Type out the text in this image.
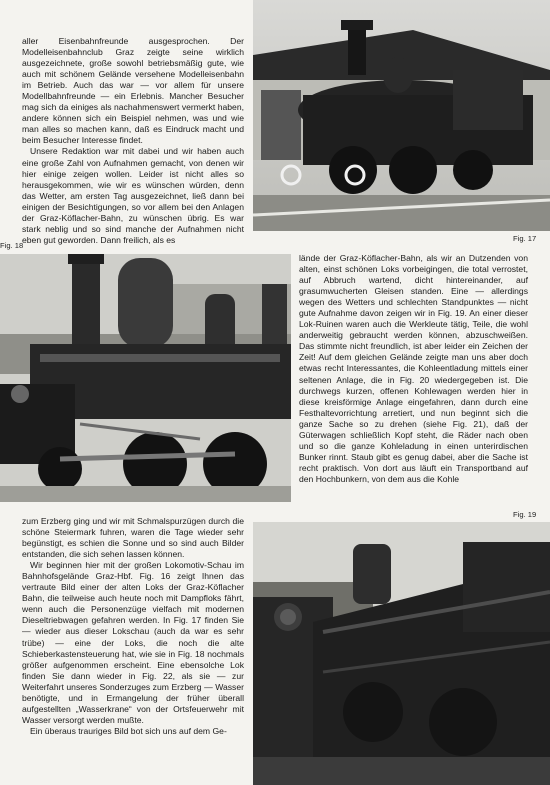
aller Eisenbahnfreunde ausgesprochen. Der Modelleisenbahnclub Graz zeigte seine wirklich ausgezeichnete, große sowohl betriebsmäßig gute, wie auch mit schönem Gelände versehene Modelleisenbahn im Betrieb. Auch das war — vor allem für unsere Modellbahnfreunde — ein Erlebnis. Mancher Besucher mag sich da einiges als nachahmenswert vermerkt haben, andere können sich ein Beispiel nehmen, was und wie man alles so machen kann, daß es Eindruck macht und beim Besucher Interesse findet.

Unsere Redaktion war mit dabei und wir haben auch eine große Zahl von Aufnahmen gemacht, von denen wir hier einige zeigen wollen. Leider ist nicht alles so herausgekommen, wie wir es wünschen würden, denn das Wetter, am ersten Tag ausgezeichnet, ließ dann bei einigen der Besichtigungen, so vor allem bei den Anlagen der Graz-Köflacher-Bahn, zu wünschen übrig. Es war stark neblig und so sind manche der Aufnahmen nicht eben gut geworden. Dann freilich, als es	Fig. 17
Fig. 18

lände der Graz-Köflacher-Bahn, als wir an Dutzenden von alten, einst schönen Loks vorbeigingen, die total verrostet, auf Abbruch wartend, dicht hintereinander, auf grasumwucherten Gleisen standen. Eine — allerdings wegen des Wetters und schlechten Standpunktes — nicht gute Aufnahme davon zeigen wir in Fig. 19. An einer dieser Lok-Ruinen waren auch die Werkleute tätig, Teile, die wohl anderweitig gebraucht werden können, abzuschweißen. Das stimmte nicht freundlich, ist aber leider ein Zeichen der Zeit! Auf dem gleichen Gelände zeigte man uns aber doch etwas recht Interessantes, die Kohleentladung mittels einer seltenen Anlage, die in Fig. 20 wiedergegeben ist. Die durchwegs kurzen, offenen Kohlewagen werden hier in diese kreisförmige Anlage eingefahren, dann durch eine Festhaltevorrichtung arretiert, und nun beginnt sich die ganze Sache so zu drehen (siehe Fig. 21), daß der Güterwagen schließlich Kopf steht, die Räder nach oben und so die ganze Kohleladung in einen unterirdischen Bunker rinnt. Staub gibt es genug dabei, aber die Sache ist recht praktisch. Von dort aus läuft ein Transportband auf den Hochbunkern, von dem aus die Kohle

zum Erzberg ging und wir mit Schmalspurzügen durch die schöne Steiermark fuhren, waren die Tage wieder sehr begünstigt, es schien die Sonne und so sind auch Bilder entstanden, die sich sehen lassen können.

Wir beginnen hier mit der großen Lokomotiv-Schau im Bahnhofsgelände Graz-Hbf. Fig. 16 zeigt Ihnen das vertraute Bild einer der alten Loks der Graz-Köflacher Bahn, die teilweise auch heute noch mit Dampfloks fährt, wenn auch die Personenzüge vielfach mit modernen Dieseltriebwagen gefahren werden. In Fig. 17 finden Sie — wieder aus dieser Lokschau (auch da war es sehr trübe) — eine der Loks, die noch die alte Schieberkastensteuerung hat, wie sie in Fig. 18 nochmals größer aufgenommen erscheint. Eine ebensolche Lok finden Sie dann wieder in Fig. 22, als sie — zur Weiterfahrt unseres Sonderzuges zum Erzberg — Wasser benötigte, und in Ermangelung der früher überall aufgestellten „Wasserkrane“ von der Ortsfeuerwehr mit Wasser versorgt werden mußte.

Ein überaus trauriges Bild bot sich uns auf dem Ge-

Fig. 19
